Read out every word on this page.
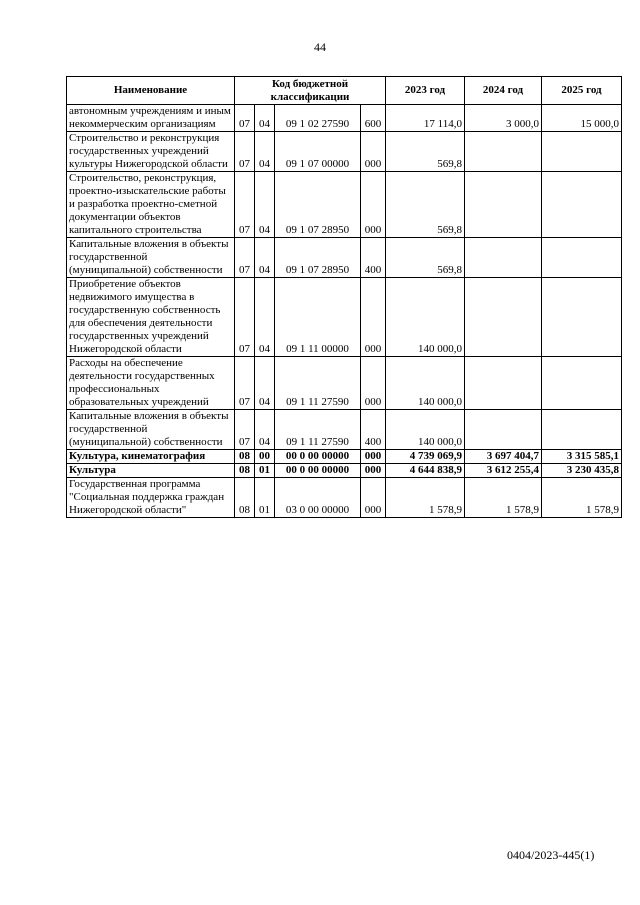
44
Наименование	Код бюджетной классификации				2023 год	2024 год	2025 год
автономным учреждениям и иным некоммерческим организациям	07	04	09 1 02 27590	600	17 114,0	3 000,0	15 000,0
Строительство и реконструкция государственных учреждений культуры Нижегородской области	07	04	09 1 07 00000	000	569,8		
Строительство, реконструкция, проектно-изыскательские работы и разработка проектно-сметной документации объектов капитального строительства	07	04	09 1 07 28950	000	569,8		
Капитальные вложения в объекты государственной (муниципальной) собственности	07	04	09 1 07 28950	400	569,8		
Приобретение объектов недвижимого имущества в государственную собственность для обеспечения деятельности государственных учреждений Нижегородской области	07	04	09 1 11 00000	000	140 000,0		
Расходы на обеспечение деятельности государственных профессиональных образовательных учреждений	07	04	09 1 11 27590	000	140 000,0		
Капитальные вложения в объекты государственной (муниципальной) собственности	07	04	09 1 11 27590	400	140 000,0		
Культура, кинематография	08	00	00 0 00 00000	000	4 739 069,9	3 697 404,7	3 315 585,1
Культура	08	01	00 0 00 00000	000	4 644 838,9	3 612 255,4	3 230 435,8
Государственная программа "Социальная поддержка граждан Нижегородской области"	08	01	03 0 00 00000	000	1 578,9	1 578,9	1 578,9
0404/2023-445(1)
